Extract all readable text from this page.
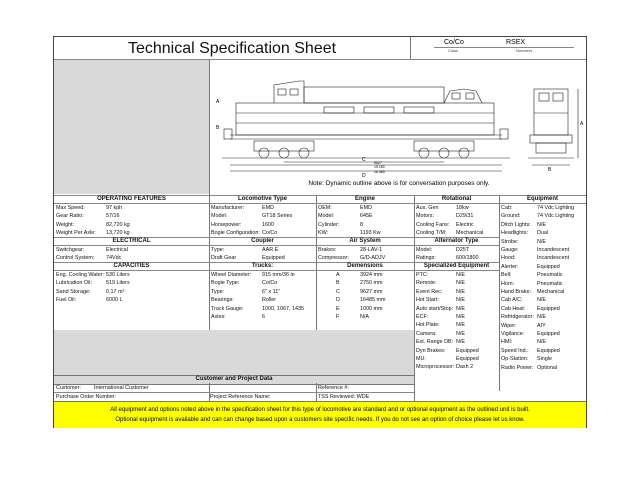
Technical Specification Sheet	Co/Co
Class
RSEX
Numbers
D
C
B
A
B
A
9627
15 180
16 485
Note: Dynamic outline above is for conversation purposes only.
Customer and Project Data
Customer: International Customer
Purchase Order Number:
Reference #:
Project Reference Name:	TSS Reviewed: WDE
All equipment and options noted above in the specification sheet for this type of locomotive are standard and or optional equipment as the outlined unit is built.
Optional equipment is available and can can change based upon a customers site specific needs. If you do not see an option of choice please let us know.
OPERATING FEATURES
Max Speed:	97 kph
Gear Ratio:	57/16
Weight:	82,720 kg
Weight Per Axle:	13,720 kg
ELECTRICAL
Switchgear:	Electrical
Control System:	74Vdc
CAPACITIES
Eng. Cooling Water: 530 Liters
Lubrication Oil:	519 Liters
Sand Storage:	0.17 m³
Fuel Oil:	6000 L
Locomotive Type
Manufacturer:	EMD
Model:	GT18 Series
Horsepower:	1600
Bogie Configuration: Co/Co
Coupler
Type:	AAR E
Draft Gear	Equipped
Trucks:
Wheel Diameter:	915 mm/36 in
Bogie Type:	Co/Co
Type:	6" x 11"
Bearings:	Roller
Track Gauge:	1000, 1067, 1435
Axles:	6
Engine
OEM:	EMD
Model:	645E
Cylinder:	8
KW:	1193 Kw
Air System
Brakes:	28-LAV-1
Compressor:	G/D-ADJV
Demensions
A	3924 mm
B	2750 mm
C	9627 mm
D	16485 mm
E	1000 mm
F	N/A
Rotational
Aux. Gen	18kw
Motors:	D29/31
Cooling Fans:	Electric
Cooling T/M:	Mechanical
Alternator Type
Model:	D25T
Ratings:	600/1800
Specialized Equipment
PTC:	N/E
Remote:	N/E
Event Rec:	N/E
Hot Start:	N/E
Auto start/Stop: N/E
ECF:	N/E
Hot Plate:	N/E
Camera:	N/E
Ext. Range DB: N/E
Dyn Brakes:	Equipped
MU:	Equipped
Microprocessor: Dash 2
Equipment
Cab:	74 Vdc Lighting
Ground:	74 Vdc Lighting
Ditch Lights:	N/E
Headlights:	Dual
Strobe:	N/E
Gauge:	Incandescent
Hood:	Incandescent
Alerter:	Equipped
Bell:	Pneumatic
Horn:	Pneumatic
Hand Brake:	Mechanical
Cab A/C:	N/E
Cab Heat:	Equipped
Refridgerator: N/E
Wiper:	AIY
Vigilance:	Equipped
HMI:	N/E
Speed Ind.:	Equipped
Op-Station:	Single
Radio Power: Optional
